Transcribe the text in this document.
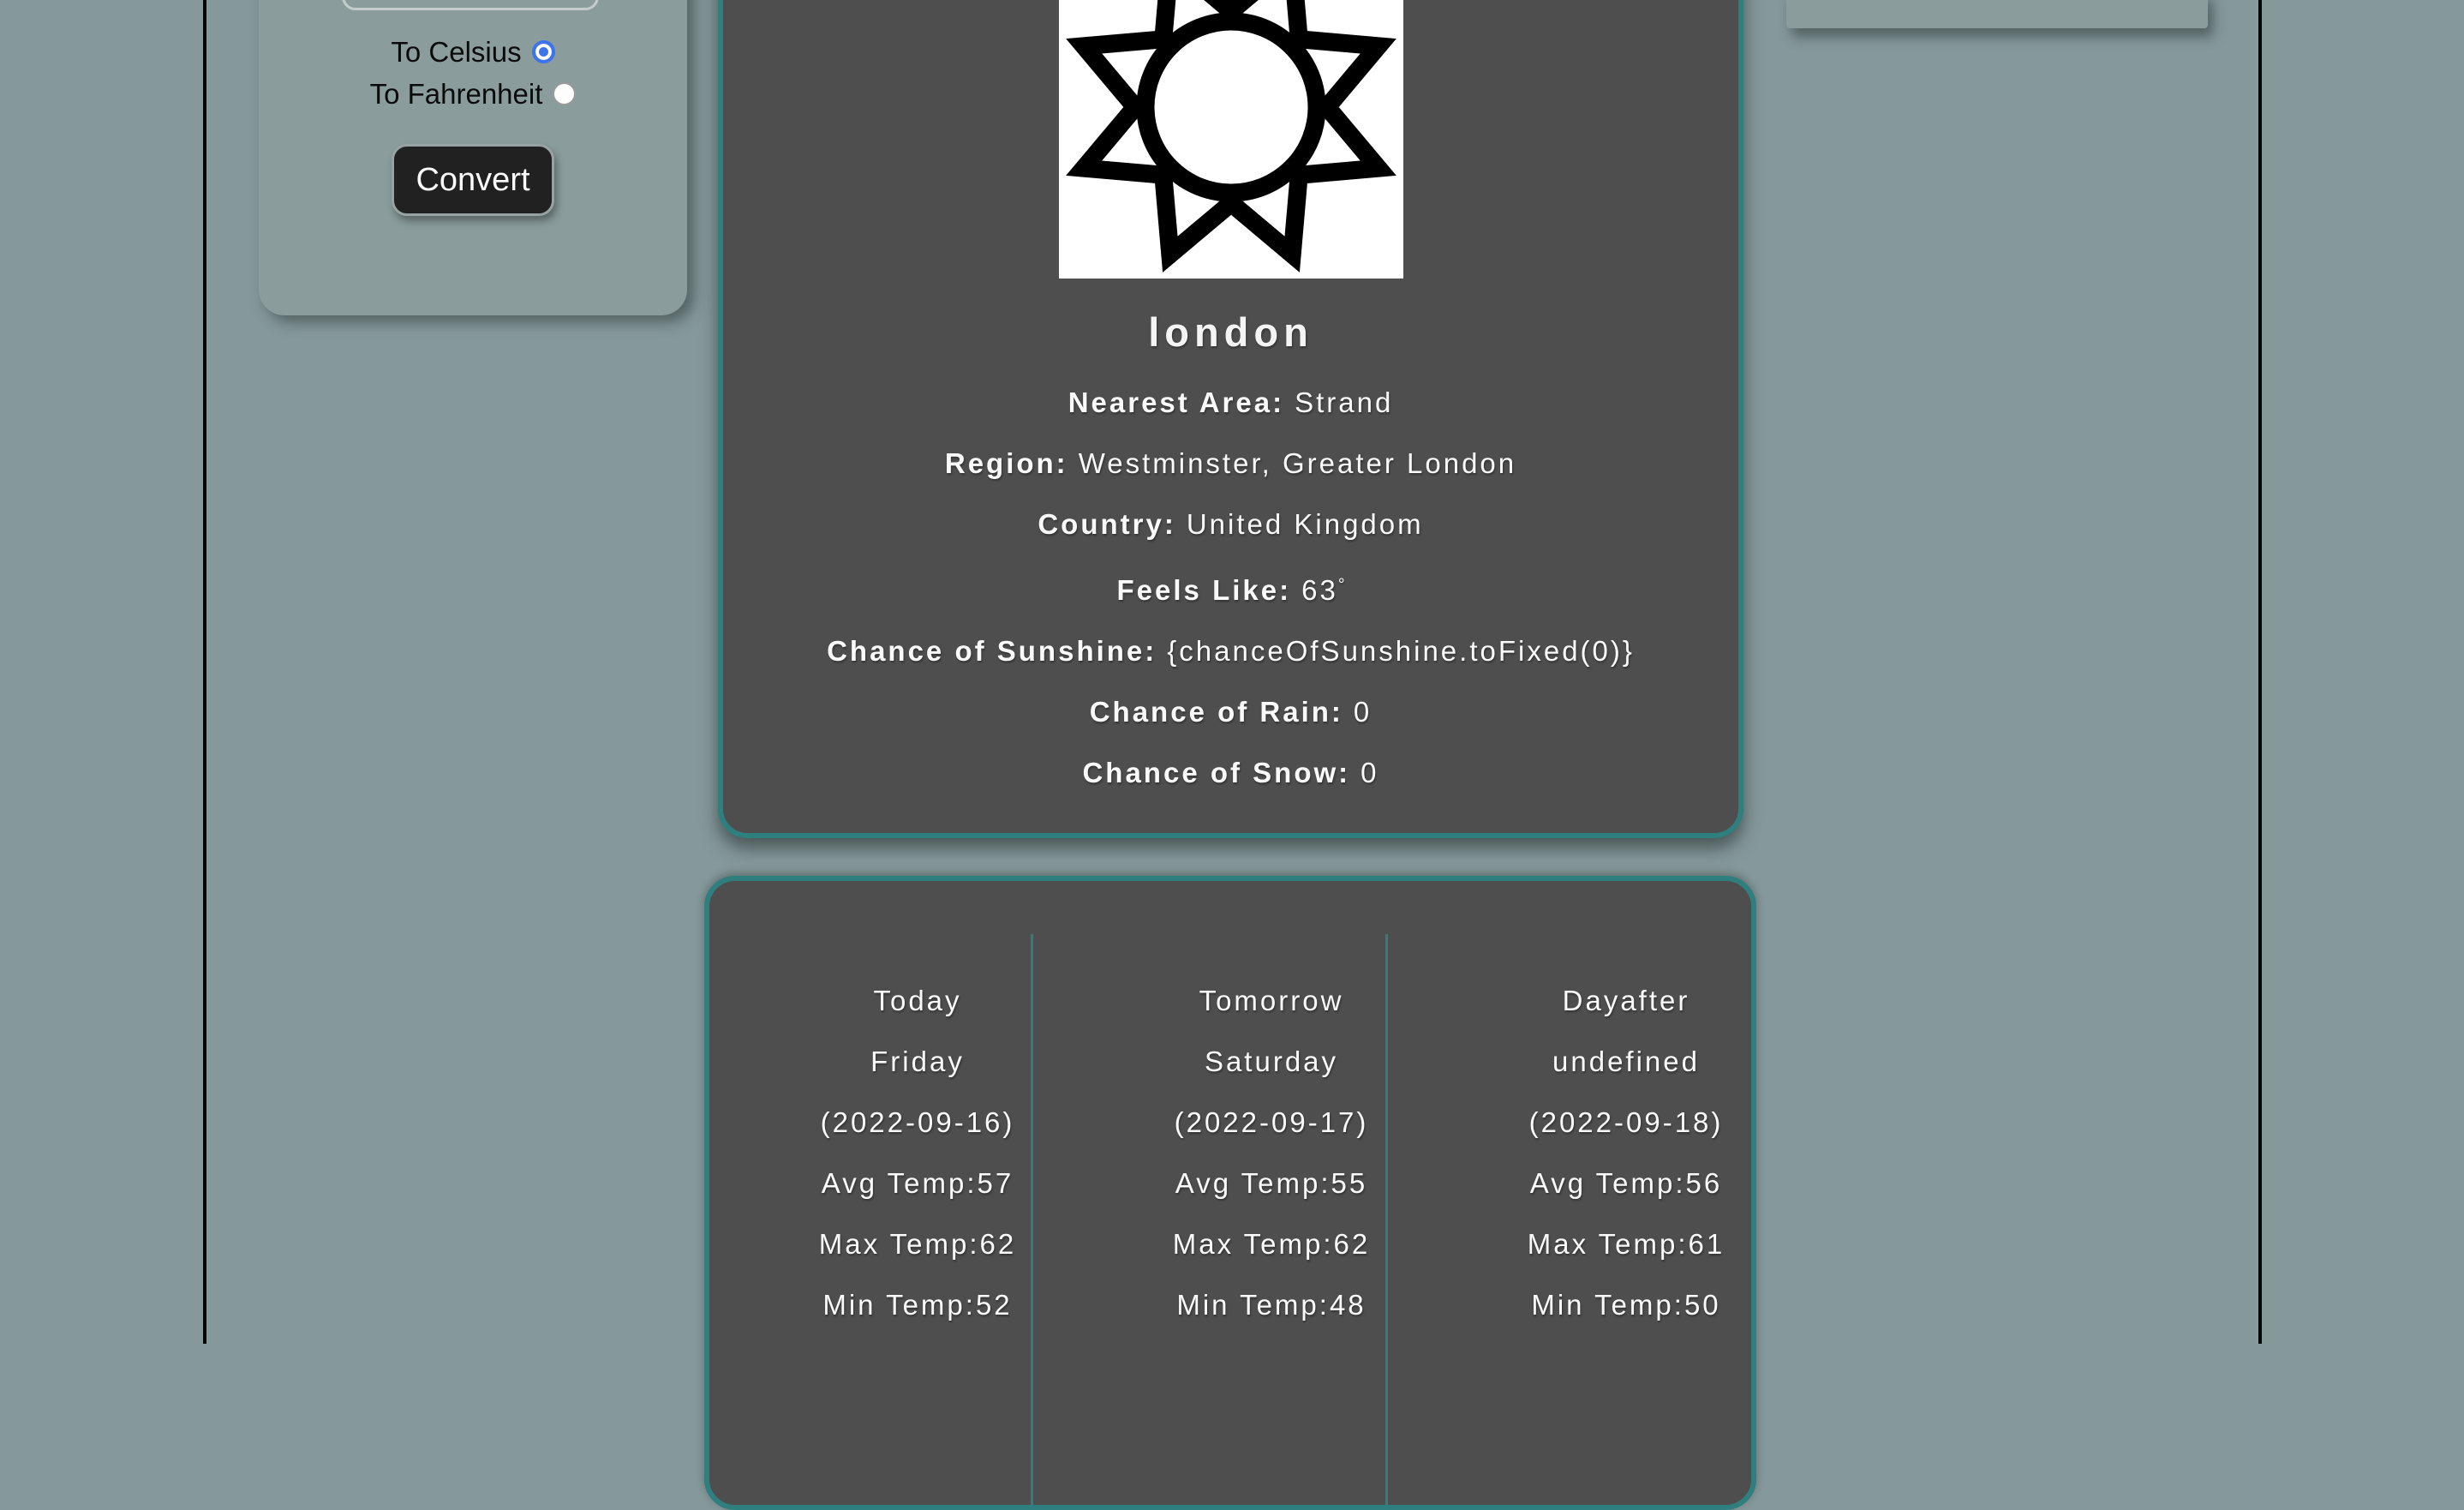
To Celsius
To Fahrenheit
Convert
london

Nearest Area: Strand

Region: Westminster, Greater London

Country: United Kingdom

Feels Like: 63°

Chance of Sunshine: {chanceOfSunshine.toFixed(0)}

Chance of Rain: 0

Chance of Snow: 0

Today

Friday

(2022-09-16)

Avg Temp:57

Max Temp:62

Min Temp:52

Tomorrow

Saturday

(2022-09-17)

Avg Temp:55

Max Temp:62

Min Temp:48

Dayafter

undefined

(2022-09-18)

Avg Temp:56

Max Temp:61

Min Temp:50
